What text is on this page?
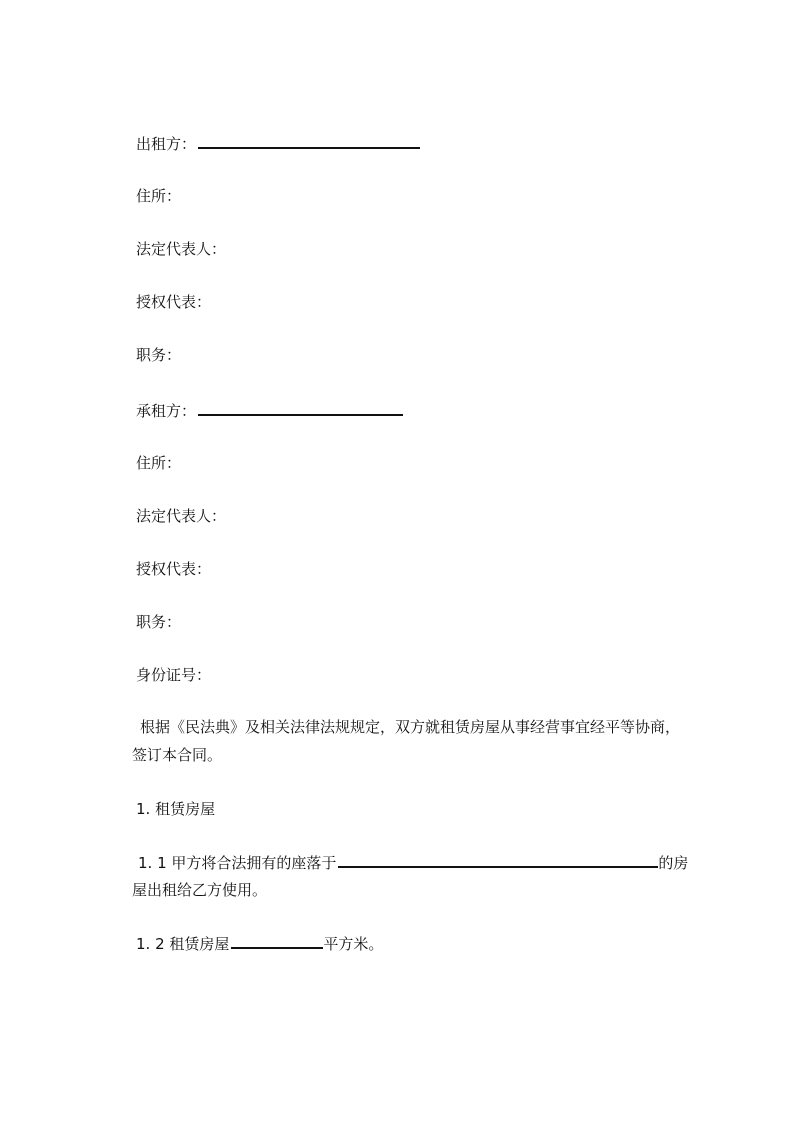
出租方：
住所：
法定代表人：
授权代表：
职务：
承租方：
住所：
法定代表人：
授权代表：
职务：
身份证号：
根据《民法典》及相关法律法规规定，双方就租赁房屋从事经营事宜经平等协商，
签订本合同。
1. 租赁房屋
1. 1 甲方将合法拥有的座落于	的房
屋出租给乙方使用。
1. 2 租赁房屋	平方米。
